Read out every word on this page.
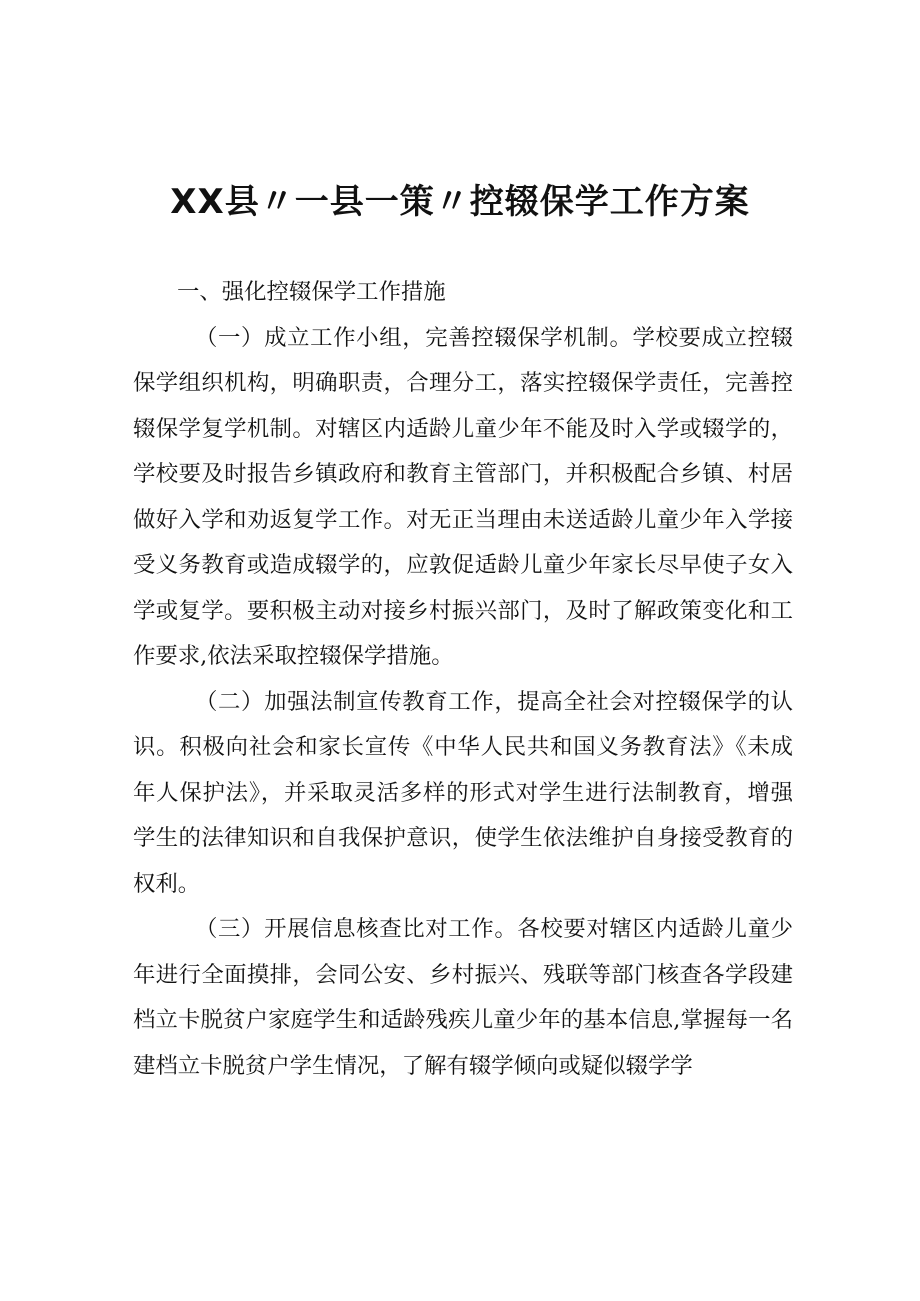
XX县〃一县一策〃控辍保学工作方案

一、强化控辍保学工作措施

（一）成立工作小组，完善控辍保学机制。学校要成立控辍保学组织机构，明确职责，合理分工，落实控辍保学责任，完善控辍保学复学机制。对辖区内适龄儿童少年不能及时入学或辍学的，学校要及时报告乡镇政府和教育主管部门，并积极配合乡镇、村居做好入学和劝返复学工作。对无正当理由未送适龄儿童少年入学接受义务教育或造成辍学的，应敦促适龄儿童少年家长尽早使子女入学或复学。要积极主动对接乡村振兴部门，及时了解政策变化和工作要求,依法采取控辍保学措施。

（二）加强法制宣传教育工作，提高全社会对控辍保学的认识。积极向社会和家长宣传《中华人民共和国义务教育法》《未成年人保护法》，并采取灵活多样的形式对学生进行法制教育，增强学生的法律知识和自我保护意识，使学生依法维护自身接受教育的权利。

（三）开展信息核查比对工作。各校要对辖区内适龄儿童少年进行全面摸排，会同公安、乡村振兴、残联等部门核查各学段建档立卡脱贫户家庭学生和适龄残疾儿童少年的基本信息,掌握每一名建档立卡脱贫户学生情况，了解有辍学倾向或疑似辍学学
